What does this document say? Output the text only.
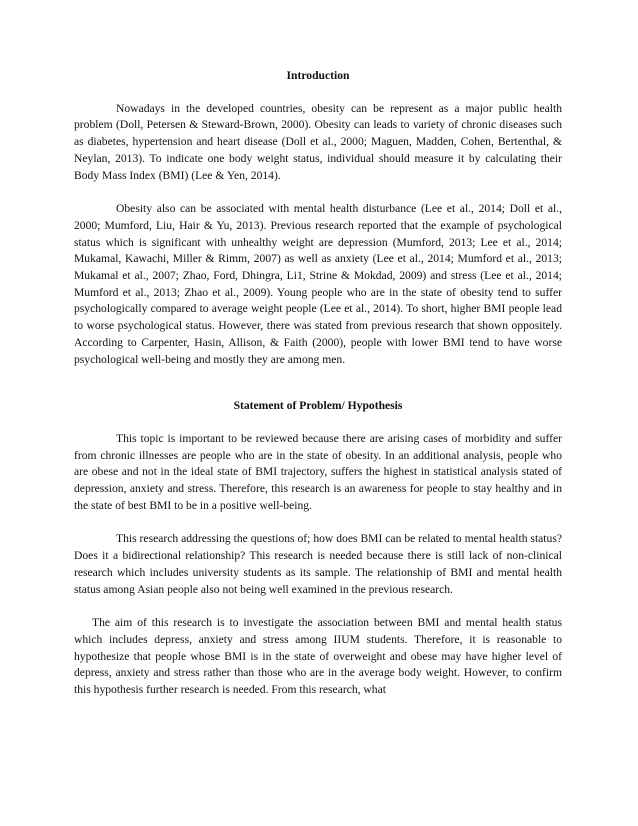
Introduction

Nowadays in the developed countries, obesity can be represent as a major public health problem (Doll, Petersen & Steward-Brown, 2000). Obesity can leads to variety of chronic diseases such as diabetes, hypertension and heart disease (Doll et al., 2000; Maguen, Madden, Cohen, Bertenthal, & Neylan, 2013). To indicate one body weight status, individual should measure it by calculating their Body Mass Index (BMI) (Lee & Yen, 2014).

Obesity also can be associated with mental health disturbance (Lee et al., 2014; Doll et al., 2000; Mumford, Liu, Hair & Yu, 2013). Previous research reported that the example of psychological status which is significant with unhealthy weight are depression (Mumford, 2013; Lee et al., 2014; Mukamal, Kawachi, Miller & Rimm, 2007) as well as anxiety (Lee et al., 2014; Mumford et al., 2013; Mukamal et al., 2007; Zhao, Ford, Dhingra, Li1, Strine & Mokdad, 2009) and stress (Lee et al., 2014; Mumford et al., 2013; Zhao et al., 2009). Young people who are in the state of obesity tend to suffer psychologically compared to average weight people (Lee et al., 2014). To short, higher BMI people lead to worse psychological status. However, there was stated from previous research that shown oppositely. According to Carpenter, Hasin, Allison, & Faith (2000), people with lower BMI tend to have worse psychological well-being and mostly they are among men.

Statement of Problem/ Hypothesis

This topic is important to be reviewed because there are arising cases of morbidity and suffer from chronic illnesses are people who are in the state of obesity. In an additional analysis, people who are obese and not in the ideal state of BMI trajectory, suffers the highest in statistical analysis stated of depression, anxiety and stress. Therefore, this research is an awareness for people to stay healthy and in the state of best BMI to be in a positive well-being.

This research addressing the questions of; how does BMI can be related to mental health status? Does it a bidirectional relationship? This research is needed because there is still lack of non-clinical research which includes university students as its sample. The relationship of BMI and mental health status among Asian people also not being well examined in the previous research.

The aim of this research is to investigate the association between BMI and mental health status which includes depress, anxiety and stress among IIUM students. Therefore, it is reasonable to hypothesize that people whose BMI is in the state of overweight and obese may have higher level of depress, anxiety and stress rather than those who are in the average body weight. However, to confirm this hypothesis further research is needed. From this research, what
